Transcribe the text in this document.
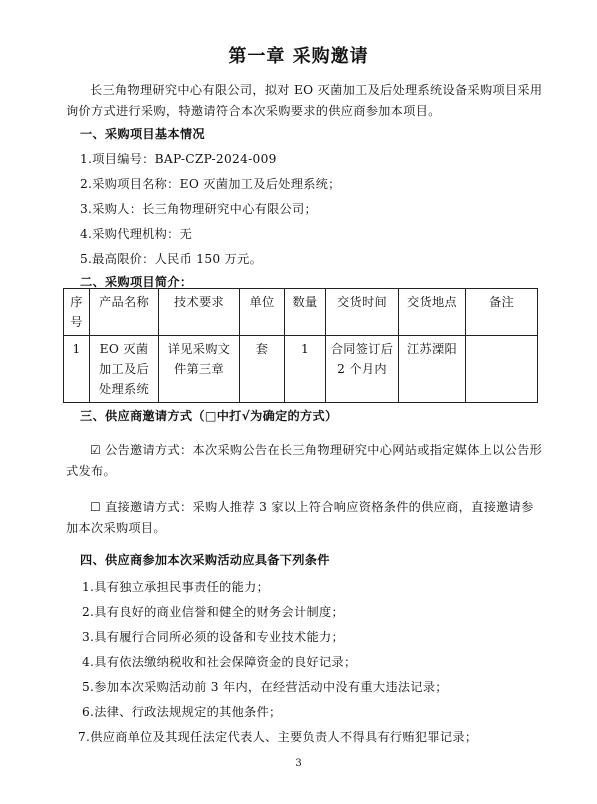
第一章 采购邀请

长三角物理研究中心有限公司，拟对 EO 灭菌加工及后处理系统设备采购项目采用询价方式进行采购，特邀请符合本次采购要求的供应商参加本项目。

一、采购项目基本情况
1.项目编号：BAP-CZP-2024-009
2.采购项目名称：EO 灭菌加工及后处理系统；
3.采购人：长三角物理研究中心有限公司；
4.采购代理机构：无
5.最高限价：人民币 150 万元。
二、采购项目简介：
序号	产品名称	技术要求	单位	数量	交货时间	交货地点	备注
1	EO 灭菌加工及后处理系统	详见采购文件第三章	套	1	合同签订后 2 个月内	江苏溧阳	
三、供应商邀请方式（□中打√为确定的方式）

☑ 公告邀请方式：本次采购公告在长三角物理研究中心网站或指定媒体上以公告形式发布。

☐ 直接邀请方式：采购人推荐 3 家以上符合响应资格条件的供应商，直接邀请参加本次采购项目。

四、供应商参加本次采购活动应具备下列条件
1.具有独立承担民事责任的能力；
2.具有良好的商业信誉和健全的财务会计制度；
3.具有履行合同所必须的设备和专业技术能力；
4.具有依法缴纳税收和社会保障资金的良好记录；
5.参加本次采购活动前 3 年内，在经营活动中没有重大违法记录；
6.法律、行政法规规定的其他条件；
7.供应商单位及其现任法定代表人、主要负责人不得具有行贿犯罪记录；
3
